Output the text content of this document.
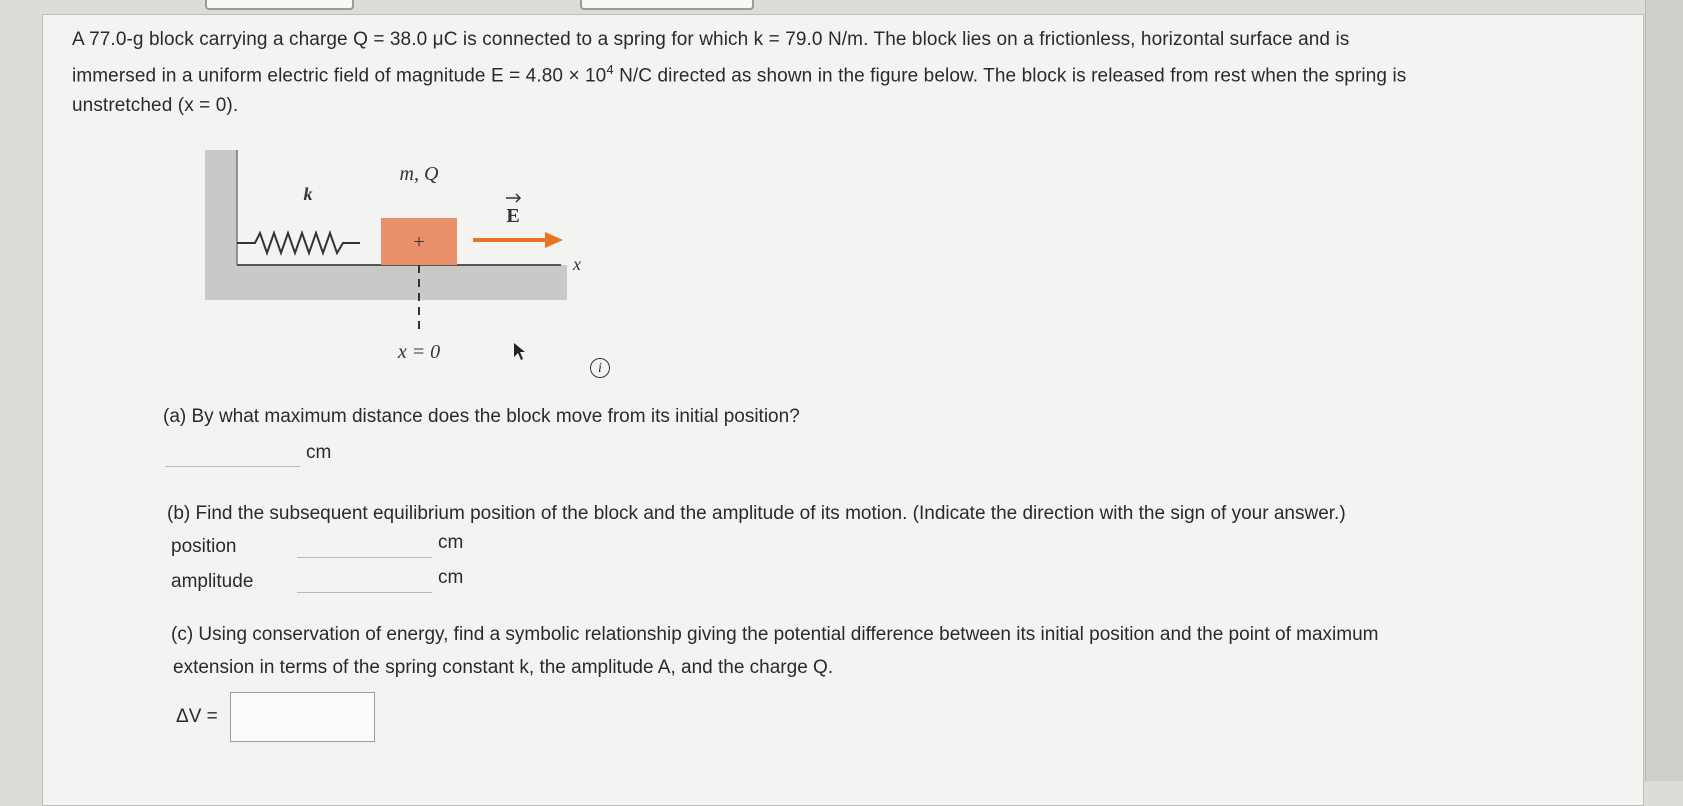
A 77.0-g block carrying a charge Q = 38.0 μC is connected to a spring for which k = 79.0 N/m. The block lies on a frictionless, horizontal surface and is

immersed in a uniform electric field of magnitude $E = 4.80 \times 10^4$ N/C directed as shown in the figure below. The block is released from rest when the spring is

unstretched (x = 0).

+
k
m, Q
E
x
x = 0
i
(a) By what maximum distance does the block move from its initial position?
cm
(b) Find the subsequent equilibrium position of the block and the amplitude of its motion. (Indicate the direction with the sign of your answer.)
position	cm
amplitude	cm
(c) Using conservation of energy, find a symbolic relationship giving the potential difference between its initial position and the point of maximum
extension in terms of the spring constant k, the amplitude A, and the charge Q.
ΔV =
